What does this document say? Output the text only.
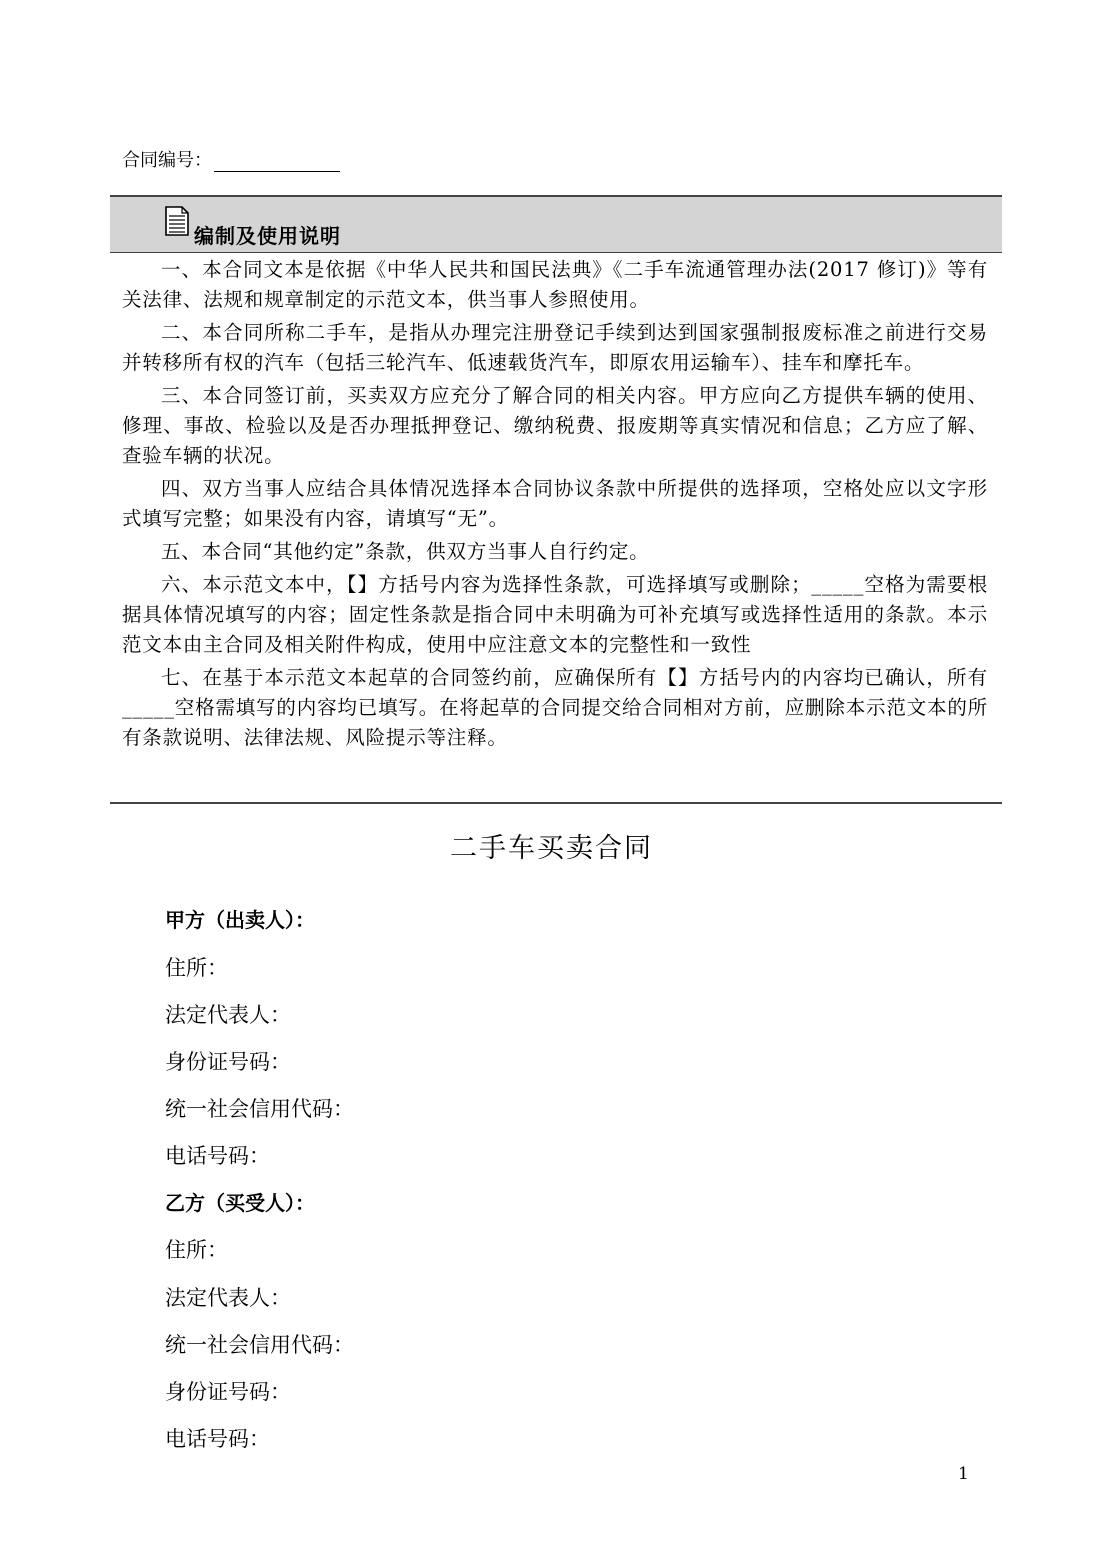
合同编号：
编制及使用说明

一、本合同文本是依据《中华人民共和国民法典》《二手车流通管理办法(2017 修订)》等有关法律、法规和规章制定的示范文本，供当事人参照使用。

二、本合同所称二手车，是指从办理完注册登记手续到达到国家强制报废标准之前进行交易并转移所有权的汽车（包括三轮汽车、低速载货汽车，即原农用运输车）、挂车和摩托车。

三、本合同签订前，买卖双方应充分了解合同的相关内容。甲方应向乙方提供车辆的使用、修理、事故、检验以及是否办理抵押登记、缴纳税费、报废期等真实情况和信息；乙方应了解、查验车辆的状况。

四、双方当事人应结合具体情况选择本合同协议条款中所提供的选择项，空格处应以文字形式填写完整；如果没有内容，请填写“无”。

五、本合同“其他约定”条款，供双方当事人自行约定。

六、本示范文本中，【】方括号内容为选择性条款，可选择填写或删除；_____空格为需要根据具体情况填写的内容；固定性条款是指合同中未明确为可补充填写或选择性适用的条款。本示范文本由主合同及相关附件构成，使用中应注意文本的完整性和一致性

七、在基于本示范文本起草的合同签约前，应确保所有【】方括号内的内容均已确认，所有_____空格需填写的内容均已填写。在将起草的合同提交给合同相对方前，应删除本示范文本的所有条款说明、法律法规、风险提示等注释。

二手车买卖合同
甲方（出卖人）：
住所：
法定代表人：
身份证号码：
统一社会信用代码：
电话号码：
乙方（买受人）：
住所：
法定代表人：
统一社会信用代码：
身份证号码：
电话号码：
1
